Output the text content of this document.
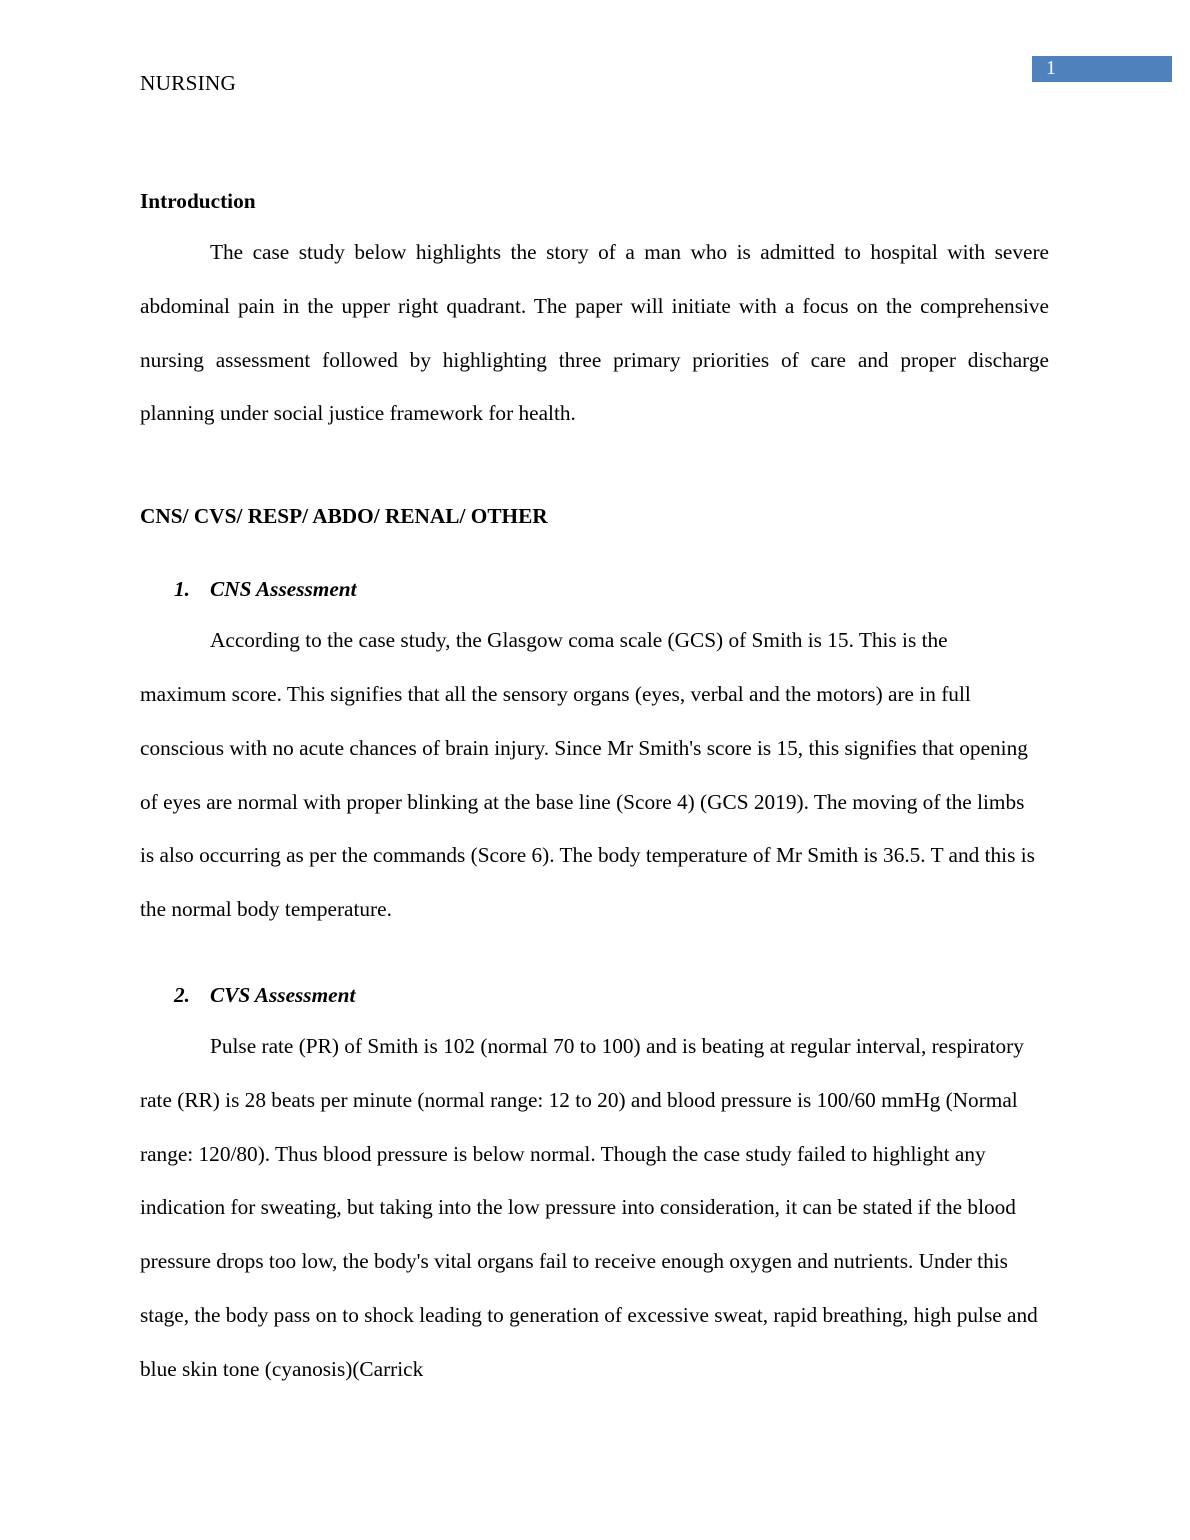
NURSING
1

Introduction

The case study below highlights the story of a man who is admitted to hospital with severe abdominal pain in the upper right quadrant. The paper will initiate with a focus on the comprehensive nursing assessment followed by highlighting three primary priorities of care and proper discharge planning under social justice framework for health.

CNS/ CVS/ RESP/ ABDO/ RENAL/ OTHER

1. CNS Assessment

According to the case study, the Glasgow coma scale (GCS) of Smith is 15. This is the maximum score. This signifies that all the sensory organs (eyes, verbal and the motors) are in full conscious with no acute chances of brain injury. Since Mr Smith's score is 15, this signifies that opening of eyes are normal with proper blinking at the base line (Score 4) (GCS 2019). The moving of the limbs is also occurring as per the commands (Score 6). The body temperature of Mr Smith is 36.5. T and this is the normal body temperature.

2. CVS Assessment

Pulse rate (PR) of Smith is 102 (normal 70 to 100) and is beating at regular interval, respiratory rate (RR) is 28 beats per minute (normal range: 12 to 20) and blood pressure is 100/60 mmHg (Normal range: 120/80). Thus blood pressure is below normal. Though the case study failed to highlight any indication for sweating, but taking into the low pressure into consideration, it can be stated if the blood pressure drops too low, the body's vital organs fail to receive enough oxygen and nutrients. Under this stage, the body pass on to shock leading to generation of excessive sweat, rapid breathing, high pulse and blue skin tone (cyanosis)(Carrick
